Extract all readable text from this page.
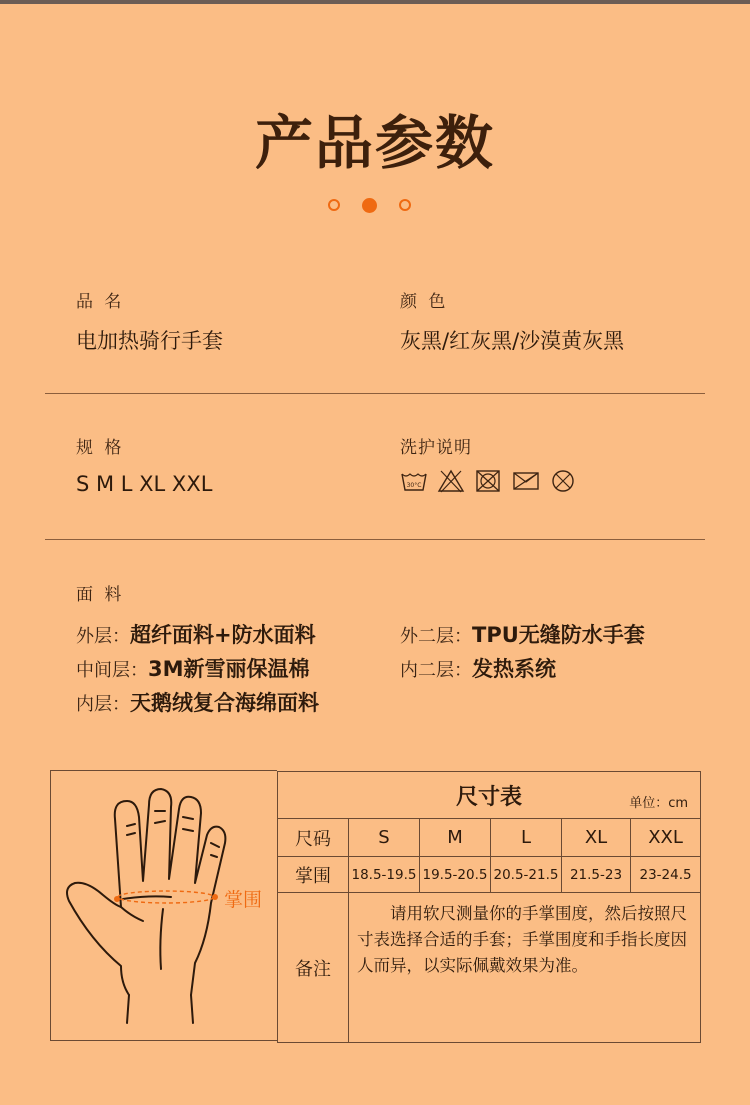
产品参数
品 名
电加热骑行手套
颜 色
灰黑/红灰黑/沙漠黄灰黑
规 格
S M L XL XXL
洗护说明
30°C
面 料
外层：超纤面料+防水面料	外二层：TPU无缝防水手套
中间层：3M新雪丽保温棉	内二层：发热系统
内层：天鹅绒复合海绵面料
掌围
尺寸表 单位：cm					

尺码	S	M	L	XL	XXL
掌围	18.5-19.5	19.5-20.5	20.5-21.5	21.5-23	23-24.5
备注	　　请用软尺测量你的手掌围度，然后按照尺寸表选择合适的手套；手掌围度和手指长度因人而异，以实际佩戴效果为准。				
